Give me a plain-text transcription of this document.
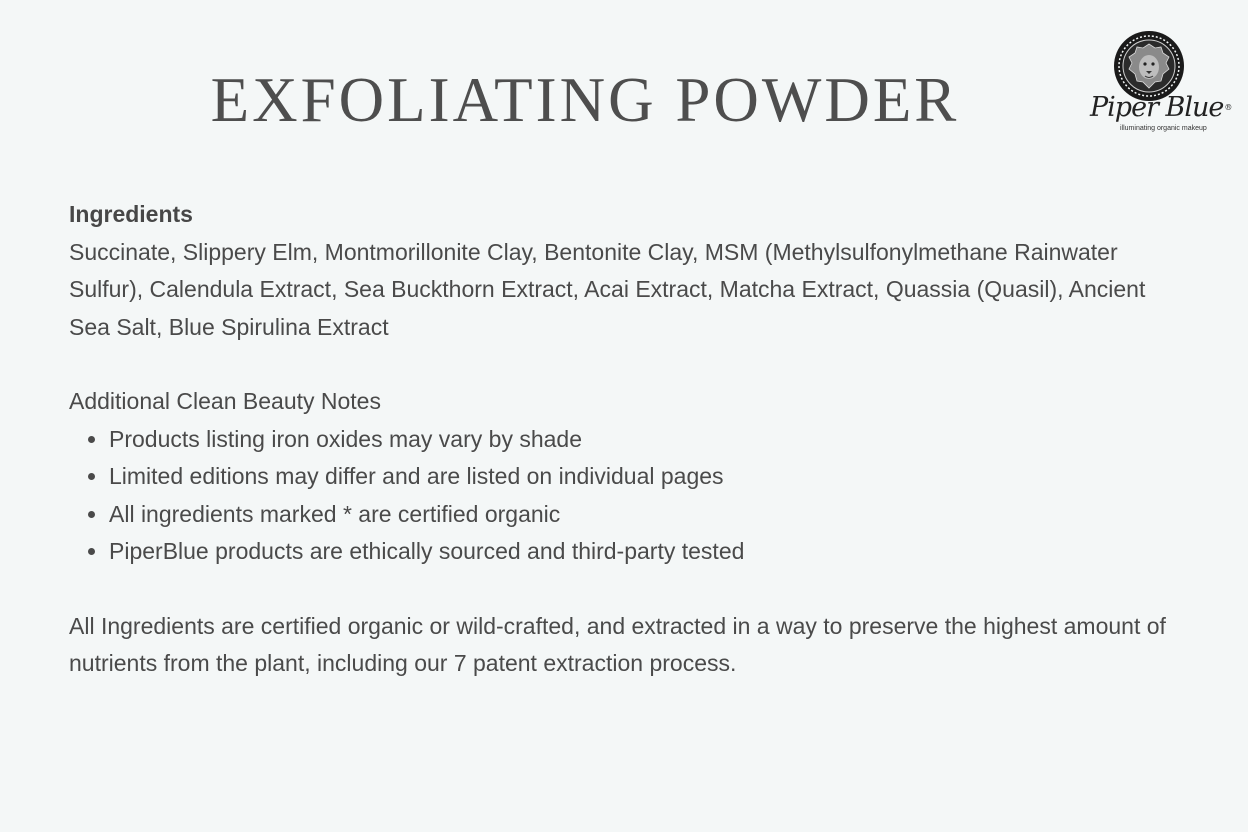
EXFOLIATING POWDER	Piper Blue®
illuminating organic makeup

Ingredients

Succinate, Slippery Elm, Montmorillonite Clay, Bentonite Clay, MSM (Methylsulfonylmethane Rainwater Sulfur), Calendula Extract, Sea Buckthorn Extract, Acai Extract, Matcha Extract, Quassia (Quasil), Ancient Sea Salt, Blue Spirulina Extract

Additional Clean Beauty Notes

• Products listing iron oxides may vary by shade
• Limited editions may differ and are listed on individual pages
• All ingredients marked * are certified organic
• PiperBlue products are ethically sourced and third-party tested

All Ingredients are certified organic or wild-crafted, and extracted in a way to preserve the highest amount of nutrients from the plant, including our 7 patent extraction process.
